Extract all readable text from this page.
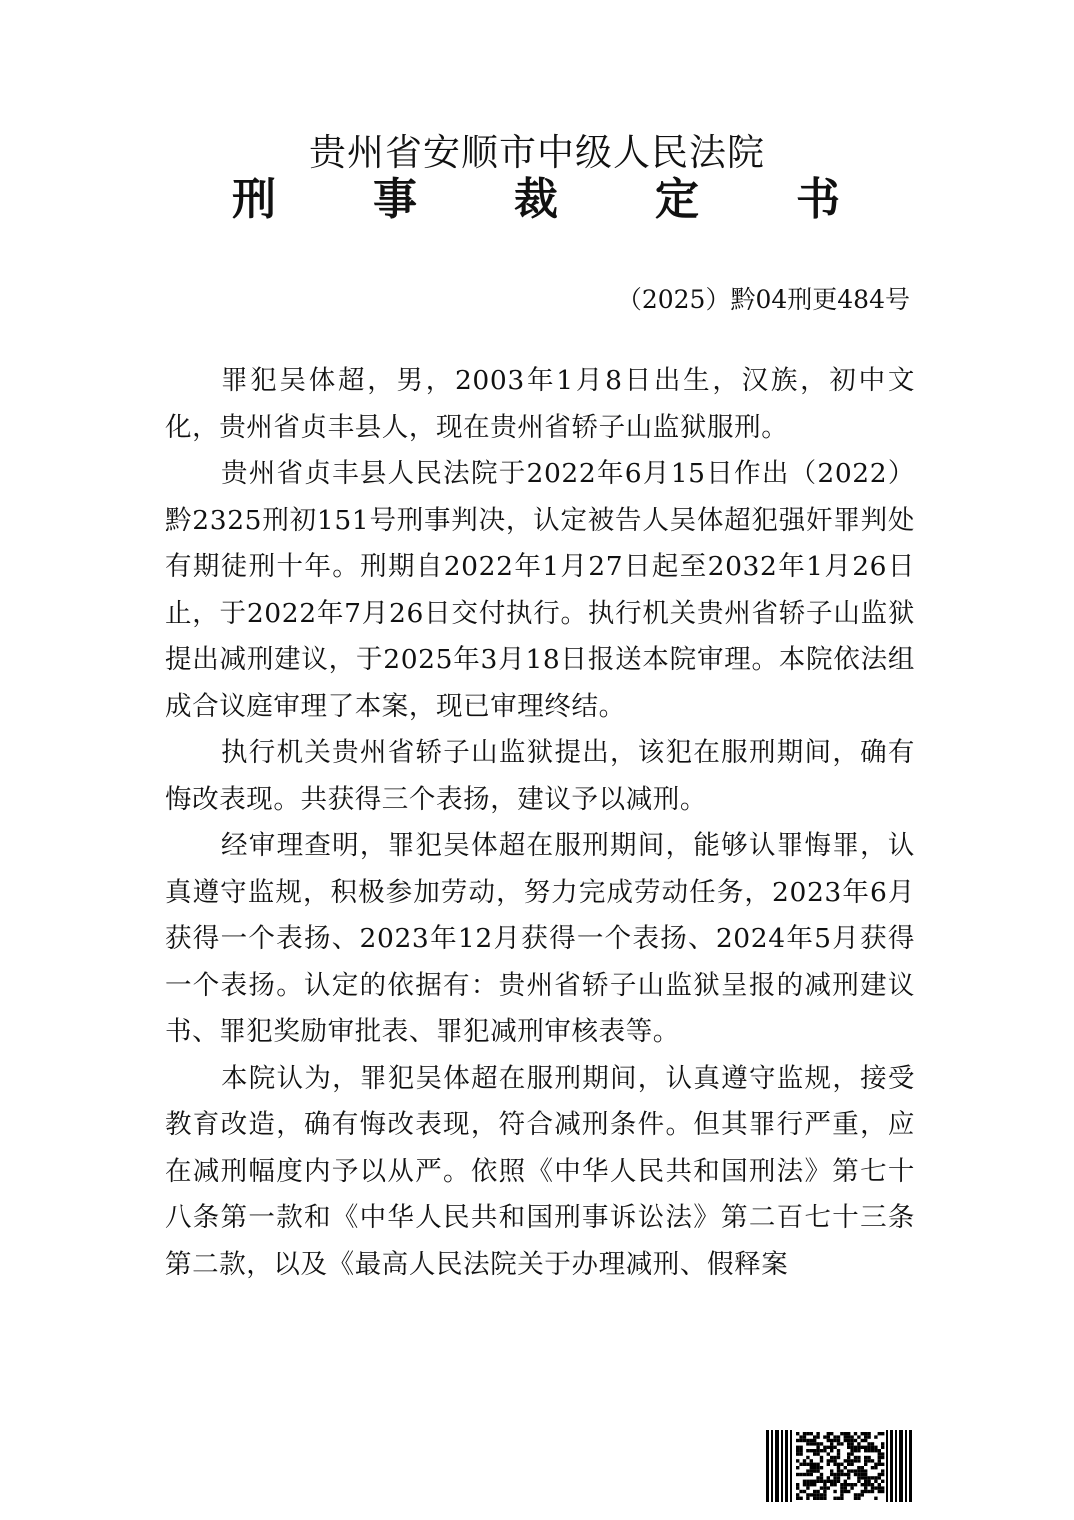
贵州省安顺市中级人民法院
刑 事 裁 定 书
（2025）黔04刑更484号

罪犯吴体超，男，2003年1月8日出生，汉族，初中文化，贵州省贞丰县人，现在贵州省轿子山监狱服刑。

贵州省贞丰县人民法院于2022年6月15日作出（2022）黔2325刑初151号刑事判决，认定被告人吴体超犯强奸罪判处有期徒刑十年。刑期自2022年1月27日起至2032年1月26日止，于2022年7月26日交付执行。执行机关贵州省轿子山监狱提出减刑建议，于2025年3月18日报送本院审理。本院依法组成合议庭审理了本案，现已审理终结。

执行机关贵州省轿子山监狱提出，该犯在服刑期间，确有悔改表现。共获得三个表扬，建议予以减刑。

经审理查明，罪犯吴体超在服刑期间，能够认罪悔罪，认真遵守监规，积极参加劳动，努力完成劳动任务，2023年6月获得一个表扬、2023年12月获得一个表扬、2024年5月获得一个表扬。认定的依据有：贵州省轿子山监狱呈报的减刑建议书、罪犯奖励审批表、罪犯减刑审核表等。

本院认为，罪犯吴体超在服刑期间，认真遵守监规，接受教育改造，确有悔改表现，符合减刑条件。但其罪行严重，应在减刑幅度内予以从严。依照《中华人民共和国刑法》第七十八条第一款和《中华人民共和国刑事诉讼法》第二百七十三条第二款，以及《最高人民法院关于办理减刑、假释案
